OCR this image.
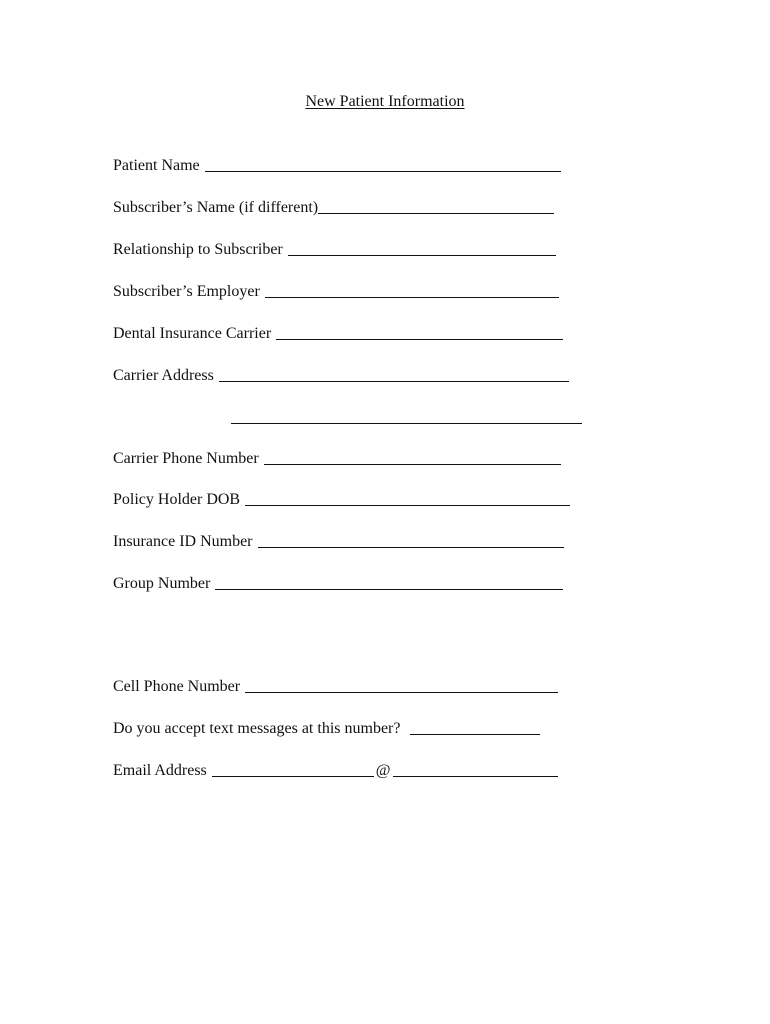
New Patient Information
Patient Name
Subscriber’s Name (if different)
Relationship to Subscriber
Subscriber’s Employer
Dental Insurance Carrier
Carrier Address
Carrier Phone Number
Policy Holder DOB
Insurance ID Number
Group Number
Cell Phone Number
Do you accept text messages at this number?
Email Address	@
